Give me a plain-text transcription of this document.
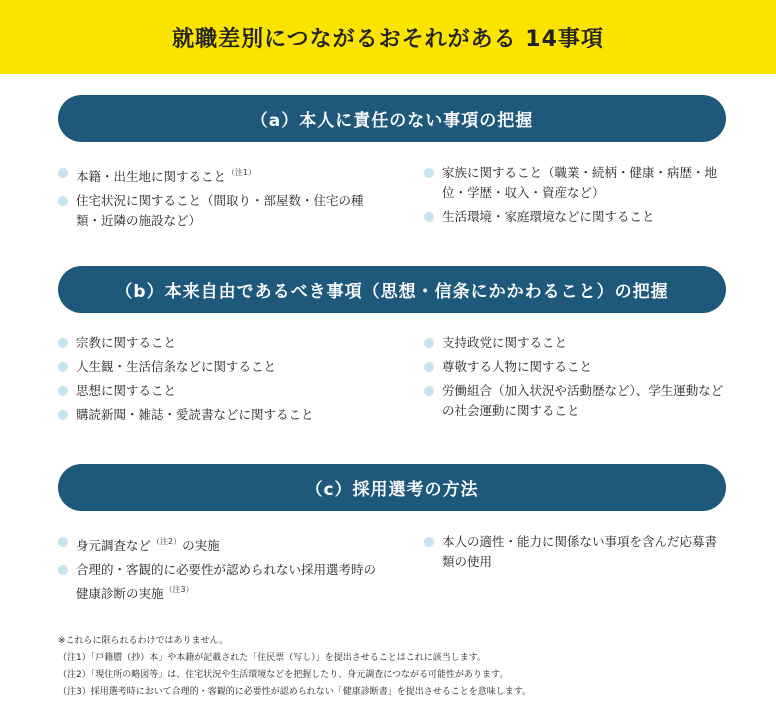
就職差別につながるおそれがある 14事項
（a）本人に責任のない事項の把握
本籍・出生地に関すること$^{(注1)}$
住宅状況に関すること（間取り・部屋数・住宅の種類・近隣の施設など）
家族に関すること（職業・続柄・健康・病歴・地位・学歴・収入・資産など）
生活環境・家庭環境などに関すること
（b）本来自由であるべき事項（思想・信条にかかわること）の把握
宗教に関すること
人生観・生活信条などに関すること
思想に関すること
購読新聞・雑誌・愛読書などに関すること
支持政党に関すること
尊敬する人物に関すること
労働組合（加入状況や活動歴など）、学生運動などの社会運動に関すること
（c）採用選考の方法
身元調査など$^{(注2)}$の実施
合理的・客観的に必要性が認められない採用選考時の健康診断の実施$^{(注3)}$
本人の適性・能力に関係ない事項を含んだ応募書類の使用
※これらに限られるわけではありません。
（注1）「戸籍謄（抄）本」や本籍が記載された「住民票（写し）」を提出させることはこれに該当します。
（注2）「現住所の略図等」は、住宅状況や生活環境などを把握したり、身元調査につながる可能性があります。
（注3）採用選考時において合理的・客観的に必要性が認められない「健康診断書」を提出させることを意味します。
